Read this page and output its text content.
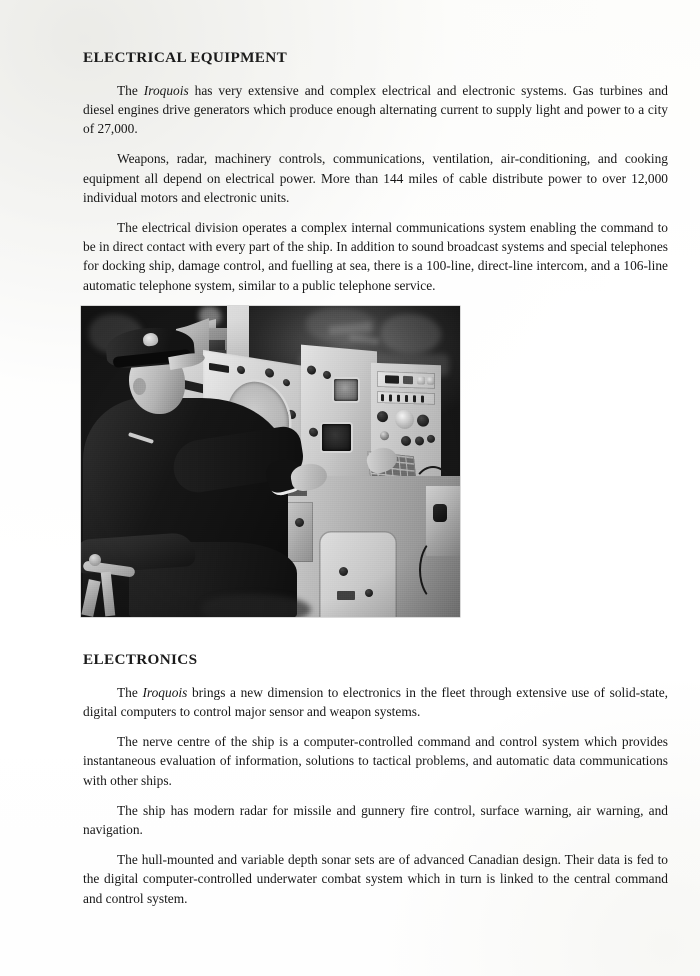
ELECTRICAL EQUIPMENT

The Iroquois has very extensive and complex electrical and electronic systems. Gas turbines and diesel engines drive generators which produce enough alternating current to supply light and power to a city of 27,000.

Weapons, radar, machinery controls, communications, ventilation, air-conditioning, and cooking equipment all depend on electrical power. More than 144 miles of cable distribute power to over 12,000 individual motors and electronic units.

The electrical division operates a complex internal communications system enabling the command to be in direct contact with every part of the ship. In addition to sound broadcast systems and special telephones for docking ship, damage control, and fuelling at sea, there is a 100-line, direct-line intercom, and a 106-line automatic telephone system, similar to a public telephone service.

ELECTRONICS

The Iroquois brings a new dimension to electronics in the fleet through extensive use of solid-state, digital computers to control major sensor and weapon systems.

The nerve centre of the ship is a computer-controlled command and control system which provides instantaneous evaluation of information, solutions to tactical problems, and automatic data communications with other ships.

The ship has modern radar for missile and gunnery fire control, surface warning, air warning, and navigation.

The hull-mounted and variable depth sonar sets are of advanced Canadian design. Their data is fed to the digital computer-controlled underwater combat system which in turn is linked to the central command and control system.
